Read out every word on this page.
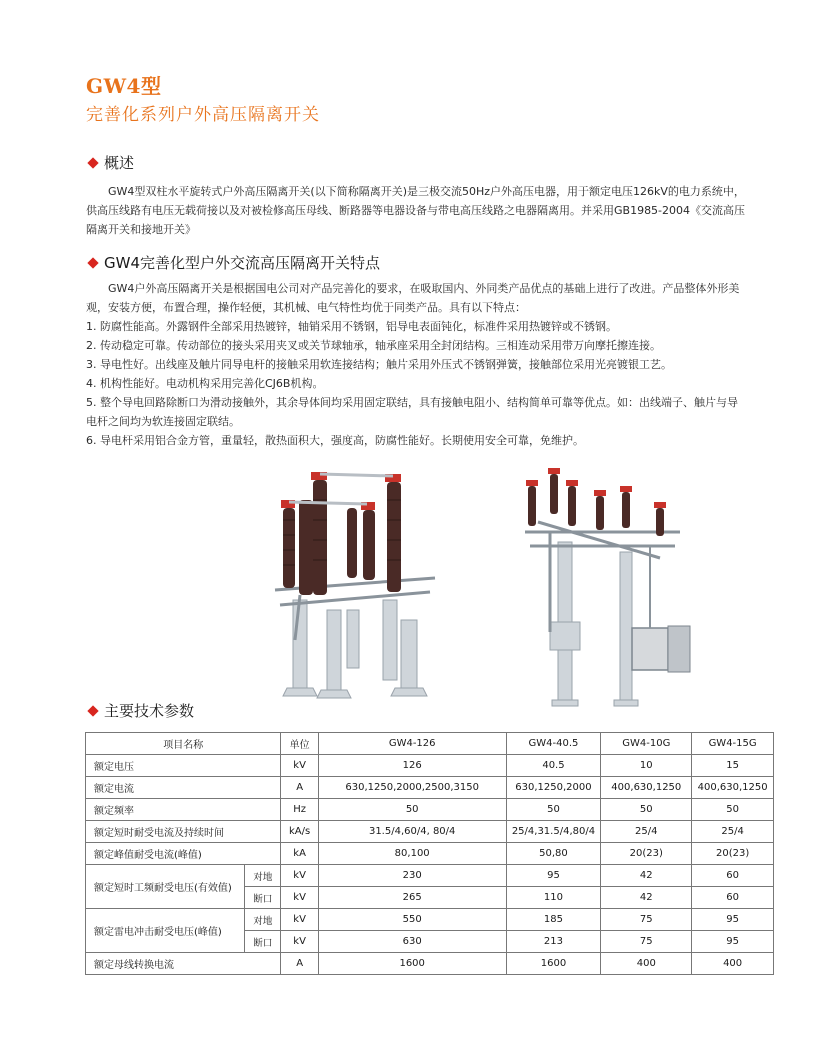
GW4型
完善化系列户外高压隔离开关
概述

GW4型双柱水平旋转式户外高压隔离开关(以下简称隔离开关)是三极交流50Hz户外高压电器，用于额定电压126kV的电力系统中，供高压线路有电压无载荷接以及对被检修高压母线、断路器等电器设备与带电高压线路之电器隔离用。并采用GB1985-2004《交流高压隔离开关和接地开关》

GW4完善化型户外交流高压隔离开关特点

GW4户外高压隔离开关是根据国电公司对产品完善化的要求，在吸取国内、外同类产品优点的基础上进行了改进。产品整体外形美观，安装方便，布置合理，操作轻便，其机械、电气特性均优于同类产品。具有以下特点：

1. 防腐性能高。外露钢件全部采用热镀锌，轴销采用不锈钢，铝导电表面钝化，标准件采用热镀锌或不锈钢。

2. 传动稳定可靠。传动部位的接头采用夹叉或关节球轴承，轴承座采用全封闭结构。三相连动采用带万向摩托擦连接。

3. 导电性好。出线座及触片同导电杆的接触采用软连接结构；触片采用外压式不锈钢弹簧，接触部位采用光亮镀银工艺。

4. 机构性能好。电动机构采用完善化CJ6B机构。

5. 整个导电回路除断口为滑动接触外，其余导体间均采用固定联结，具有接触电阻小、结构简单可靠等优点。如：出线端子、触片与导电杆之间均为软连接固定联结。

6. 导电杆采用铝合金方管，重量轻，散热面积大，强度高，防腐性能好。长期使用安全可靠，免维护。

主要技术参数
项目名称		单位	GW4-126	GW4-40.5	GW4-10G	GW4-15G
额定电压		kV	126	40.5	10	15
额定电流		A	630,1250,2000,2500,3150	630,1250,2000	400,630,1250	400,630,1250
额定频率		Hz	50	50	50	50
额定短时耐受电流及持续时间		kA/s	31.5/4,60/4, 80/4	25/4,31.5/4,80/4	25/4	25/4
额定峰值耐受电流(峰值)		kA	80,100	50,80	20(23)	20(23)
额定短时工频耐受电压(有效值)	对地	kV	230	95	42	60
	断口	kV	265	110	42	60
额定雷电冲击耐受电压(峰值)	对地	kV	550	185	75	95
	断口	kV	630	213	75	95
额定母线转换电流		A	1600	1600	400	400
